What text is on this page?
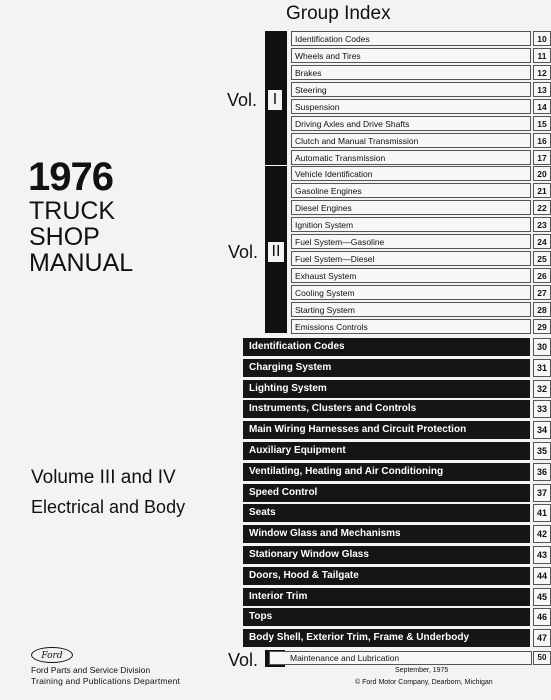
Group Index
1976
TRUCK
SHOP
MANUAL
Volume III and IV
Electrical and Body
Vol. I
Identification Codes	10
Wheels and Tires	11
Brakes	12
Steering	13
Suspension	14
Driving Axles and Drive Shafts	15
Clutch and Manual Transmission	16
Automatic Transmission	17
Vol. II
Vehicle Identification	20
Gasoline Engines	21
Diesel Engines	22
Ignition System	23
Fuel System—Gasoline	24
Fuel System—Diesel	25
Exhaust System	26
Cooling System	27
Starting System	28
Emissions Controls	29
Identification Codes	30
Charging System	31
Lighting System	32
Instruments, Clusters and Controls	33
Main Wiring Harnesses and Circuit Protection	34
Auxiliary Equipment	35
Ventilating, Heating and Air Conditioning	36
Speed Control	37
Seats	41
Window Glass and Mechanisms	42
Stationary Window Glass	43
Doors, Hood & Tailgate	44
Interior Trim	45
Tops	46
Body Shell, Exterior Trim, Frame & Underbody	47
Vol.	Maintenance and Lubrication	50
Ford
Ford Parts and Service Division
Training and Publications Department
September, 1975
© Ford Motor Company, Dearborn, Michigan
